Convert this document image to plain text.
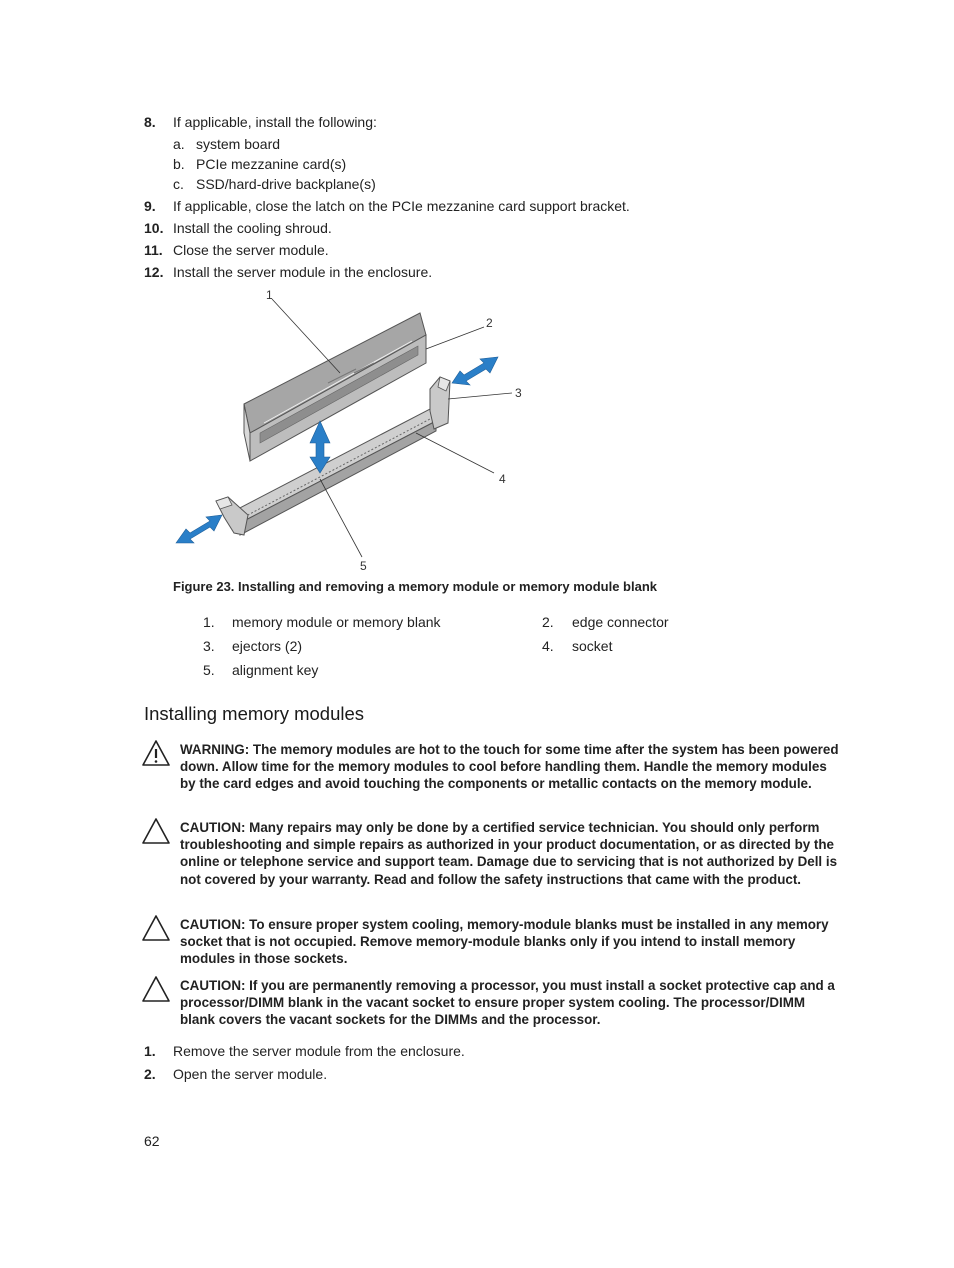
8. If applicable, install the following:
a. system board
b. PCIe mezzanine card(s)
c. SSD/hard-drive backplane(s)
9. If applicable, close the latch on the PCIe mezzanine card support bracket.
10. Install the cooling shroud.
11. Close the server module.
12. Install the server module in the enclosure.
1
2
3
4
5
Figure 23. Installing and removing a memory module or memory module blank
1. memory module or memory blank	2. edge connector
3. ejectors (2)	4. socket
5. alignment key
Installing memory modules
WARNING: The memory modules are hot to the touch for some time after the system has been powered down. Allow time for the memory modules to cool before handling them. Handle the memory modules by the card edges and avoid touching the components or metallic contacts on the memory module.
CAUTION: Many repairs may only be done by a certified service technician. You should only perform troubleshooting and simple repairs as authorized in your product documentation, or as directed by the online or telephone service and support team. Damage due to servicing that is not authorized by Dell is not covered by your warranty. Read and follow the safety instructions that came with the product.
CAUTION: To ensure proper system cooling, memory-module blanks must be installed in any memory socket that is not occupied. Remove memory-module blanks only if you intend to install memory modules in those sockets.
CAUTION: If you are permanently removing a processor, you must install a socket protective cap and a processor/DIMM blank in the vacant socket to ensure proper system cooling. The processor/DIMM blank covers the vacant sockets for the DIMMs and the processor.
1. Remove the server module from the enclosure.
2. Open the server module.
62
